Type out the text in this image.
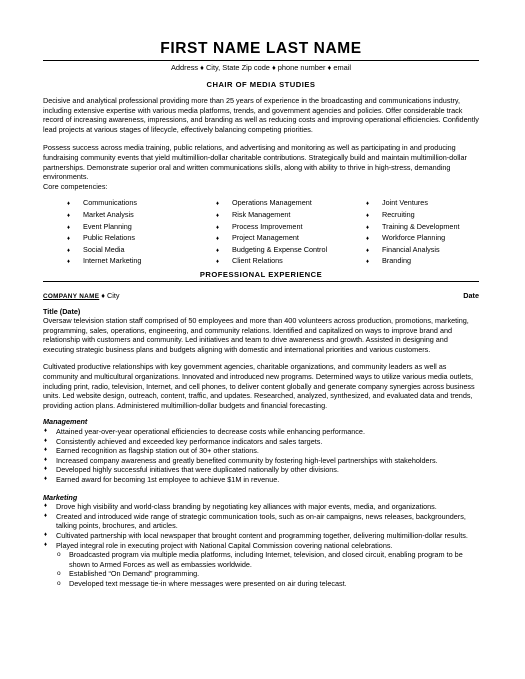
FIRST NAME LAST NAME
Address ♦ City, State Zip code ♦ phone number ♦ email
CHAIR OF MEDIA STUDIES

Decisive and analytical professional providing more than 25 years of experience in the broadcasting and communications industry, including extensive expertise with various media platforms, trends, and government agencies and policies. Offer considerable track record of increasing awareness, impressions, and branding as well as reducing costs and improving operational efficiencies. Confidently lead projects at various stages of lifecycle, effectively balancing competing priorities.

Possess success across media training, public relations, and advertising and monitoring as well as participating in and producing fundraising community events that yield multimillion-dollar charitable contributions. Strategically build and maintain multimillion-dollar partnerships. Demonstrate superior oral and written communications skills, along with ability to thrive in high-stress, demanding environments.

Core competencies:

♦ Communications
♦ Market Analysis
♦ Event Planning
♦ Public Relations
♦ Social Media
♦ Internet Marketing
♦ Operations Management
♦ Risk Management
♦ Process Improvement
♦ Project Management
♦ Budgeting & Expense Control
♦ Client Relations
♦ Joint Ventures
♦ Recruiting
♦ Training & Development
♦ Workforce Planning
♦ Financial Analysis
♦ Branding
PROFESSIONAL EXPERIENCE
COMPANY NAME ♦ City	Date
Title (Date)

Oversaw television station staff comprised of 50 employees and more than 400 volunteers across production, promotions, marketing, programming, sales, operations, engineering, and community relations. Identified and capitalized on ways to improve brand and relationship with customers and community. Led initiatives and team to drive awareness and growth. Assisted in designing and executing strategic business plans and budgets aligning with domestic and international priorities and various customers.

Cultivated productive relationships with key government agencies, charitable organizations, and community leaders as well as community and multicultural organizations. Innovated and introduced new programs. Determined ways to utilize various media outlets, including print, radio, television, Internet, and cell phones, to deliver content globally and generate company synergies across business units. Led website design, outreach, content, traffic, and updates. Researched, analyzed, synthesized, and evaluated data and trends, providing action plans. Administered multimillion-dollar budgets and financial forecasting.

Management
♦ Attained year-over-year operational efficiencies to decrease costs while enhancing performance.
♦ Consistently achieved and exceeded key performance indicators and sales targets.
♦ Earned recognition as flagship station out of 30+ other stations.
♦ Increased company awareness and greatly benefited community by fostering high-level partnerships with stakeholders.
♦ Developed highly successful initiatives that were duplicated nationally by other divisions.
♦ Earned award for becoming 1st employee to achieve $1M in revenue.
Marketing
♦ Drove high visibility and world-class branding by negotiating key alliances with major events, media, and organizations.
♦ Created and introduced wide range of strategic communication tools, such as on-air campaigns, news releases, backgrounders, talking points, brochures, and articles.
♦ Cultivated partnership with local newspaper that brought content and programming together, delivering multimillion-dollar results.
♦ Played integral role in executing project with National Capital Commission covering national celebrations.
o Broadcasted program via multiple media platforms, including Internet, television, and closed circuit, enabling program to be shown to Armed Forces as well as embassies worldwide.
o Established “On Demand” programming.
o Developed text message tie-in where messages were presented on air during telecast.
